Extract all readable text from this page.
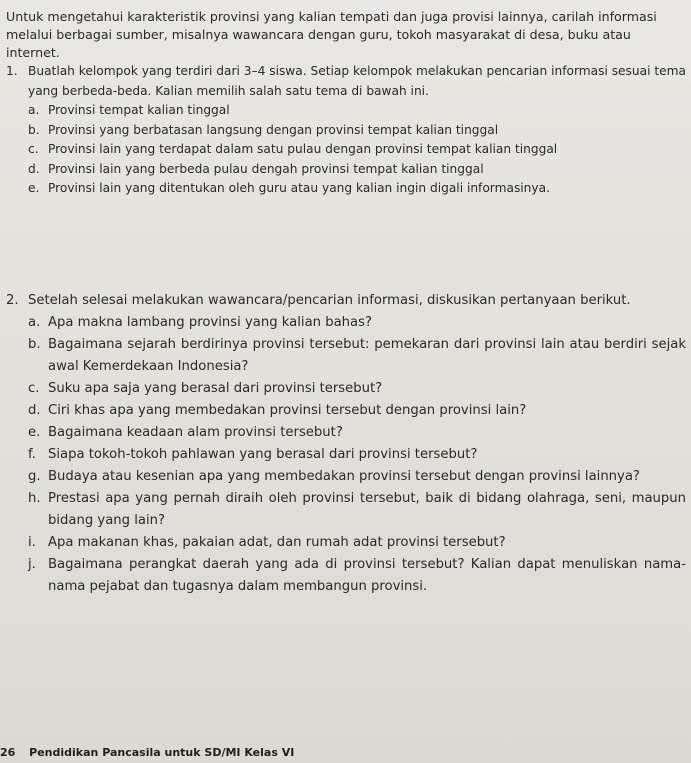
Untuk mengetahui karakteristik provinsi yang kalian tempati dan juga provisi lainnya, carilah informasi melalui berbagai sumber, misalnya wawancara dengan guru, tokoh masyarakat di desa, buku atau internet.

1. Buatlah kelompok yang terdiri dari 3–4 siswa. Setiap kelompok melakukan pencarian informasi sesuai tema yang berbeda-beda. Kalian memilih salah satu tema di bawah ini.
a. Provinsi tempat kalian tinggal
b. Provinsi yang berbatasan langsung dengan provinsi tempat kalian tinggal
c. Provinsi lain yang terdapat dalam satu pulau dengan provinsi tempat kalian tinggal
d. Provinsi lain yang berbeda pulau dengah provinsi tempat kalian tinggal
e. Provinsi lain yang ditentukan oleh guru atau yang kalian ingin digali informasinya.
2. Setelah selesai melakukan wawancara/pencarian informasi, diskusikan pertanyaan berikut.
a. Apa makna lambang provinsi yang kalian bahas?
b. Bagaimana sejarah berdirinya provinsi tersebut: pemekaran dari provinsi lain atau berdiri sejak awal Kemerdekaan Indonesia?
c. Suku apa saja yang berasal dari provinsi tersebut?
d. Ciri khas apa yang membedakan provinsi tersebut dengan provinsi lain?
e. Bagaimana keadaan alam provinsi tersebut?
f. Siapa tokoh-tokoh pahlawan yang berasal dari provinsi tersebut?
g. Budaya atau kesenian apa yang membedakan provinsi tersebut dengan provinsi lainnya?
h. Prestasi apa yang pernah diraih oleh provinsi tersebut, baik di bidang olahraga, seni, maupun bidang yang lain?
i. Apa makanan khas, pakaian adat, dan rumah adat provinsi tersebut?
j. Bagaimana perangkat daerah yang ada di provinsi tersebut? Kalian dapat menuliskan nama-nama pejabat dan tugasnya dalam membangun provinsi.
26 Pendidikan Pancasila untuk SD/MI Kelas VI
